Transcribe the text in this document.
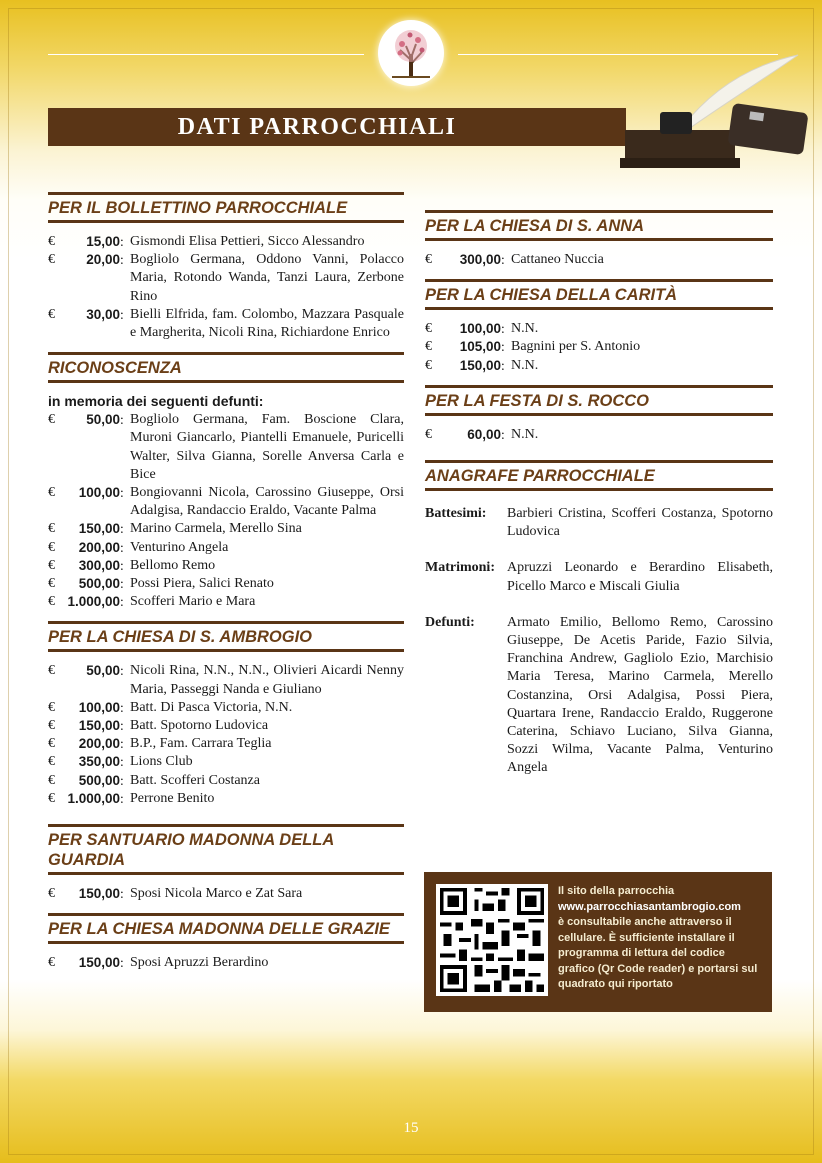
DATI PARROCCHIALI
PER IL BOLLETTINO PARROCCHIALE
€	15,00 : Gismondi Elisa Pettieri, Sicco Alessandro
€	20,00 : Bogliolo Germana, Oddono Vanni, Polacco Maria, Rotondo Wanda, Tanzi Laura, Zerbone Rino
€	30,00 : Bielli Elfrida, fam. Colombo, Mazzara Pasquale e Margherita, Nicoli Rina, Richiardone Enrico
RICONOSCENZA
in memoria dei seguenti defunti:
€	50,00 : Bogliolo Germana, Fam. Boscione Clara, Muroni Giancarlo, Piantelli Emanuele, Puricelli Walter, Silva Gianna, Sorelle Anversa Carla e Bice
€	100,00 : Bongiovanni Nicola, Carossino Giuseppe, Orsi Adalgisa, Randaccio Eraldo, Vacante Palma
€	150,00 : Marino Carmela, Merello Sina
€	200,00 : Venturino Angela
€	300,00 : Bellomo Remo
€	500,00 : Possi Piera, Salici Renato
€ 1.000,00 : Scofferi Mario e Mara
PER LA CHIESA DI S. AMBROGIO
€	50,00 : Nicoli Rina, N.N., N.N., Olivieri Aicardi Nenny Maria, Passeggi Nanda e Giuliano
€	100,00 : Batt. Di Pasca Victoria, N.N.
€	150,00 : Batt. Spotorno Ludovica
€	200,00 : B.P., Fam. Carrara Teglia
€	350,00 : Lions Club
€	500,00 : Batt. Scofferi Costanza
€ 1.000,00 : Perrone Benito
PER SANTUARIO MADONNA DELLA GUARDIA
€	150,00 : Sposi Nicola Marco e Zat Sara
PER LA CHIESA MADONNA DELLE GRAZIE
€	150,00 : Sposi Apruzzi Berardino
PER LA CHIESA DI S. ANNA
€	300,00 : Cattaneo Nuccia
PER LA CHIESA DELLA CARITÀ
€	100,00 : N.N.
€	105,00 : Bagnini per S. Antonio
€	150,00 : N.N.
PER LA FESTA DI S. ROCCO
€	60,00 : N.N.
ANAGRAFE PARROCCHIALE
Battesimi:	Barbieri Cristina, Scofferi Costanza, Spotorno Ludovica
Matrimoni: Apruzzi Leonardo e Berardino Elisabeth, Picello Marco e Miscali Giulia
Defunti:	Armato Emilio, Bellomo Remo, Carossino Giuseppe, De Acetis Paride, Fazio Silvia, Franchina Andrew, Gagliolo Ezio, Marchisio Maria Teresa, Marino Carmela, Merello Costanzina, Orsi Adalgisa, Possi Piera, Quartara Irene, Randaccio Eraldo, Ruggerone Caterina, Schiavo Luciano, Silva Gianna, Sozzi Wilma, Vacante Palma, Venturino Angela
Il sito della parrocchia
www.parrocchiasantambrogio.com
è consultabile anche attraverso il cellulare. È sufficiente installare il programma di lettura del codice grafico (Qr Code reader) e portarsi sul quadrato qui riportato
15
